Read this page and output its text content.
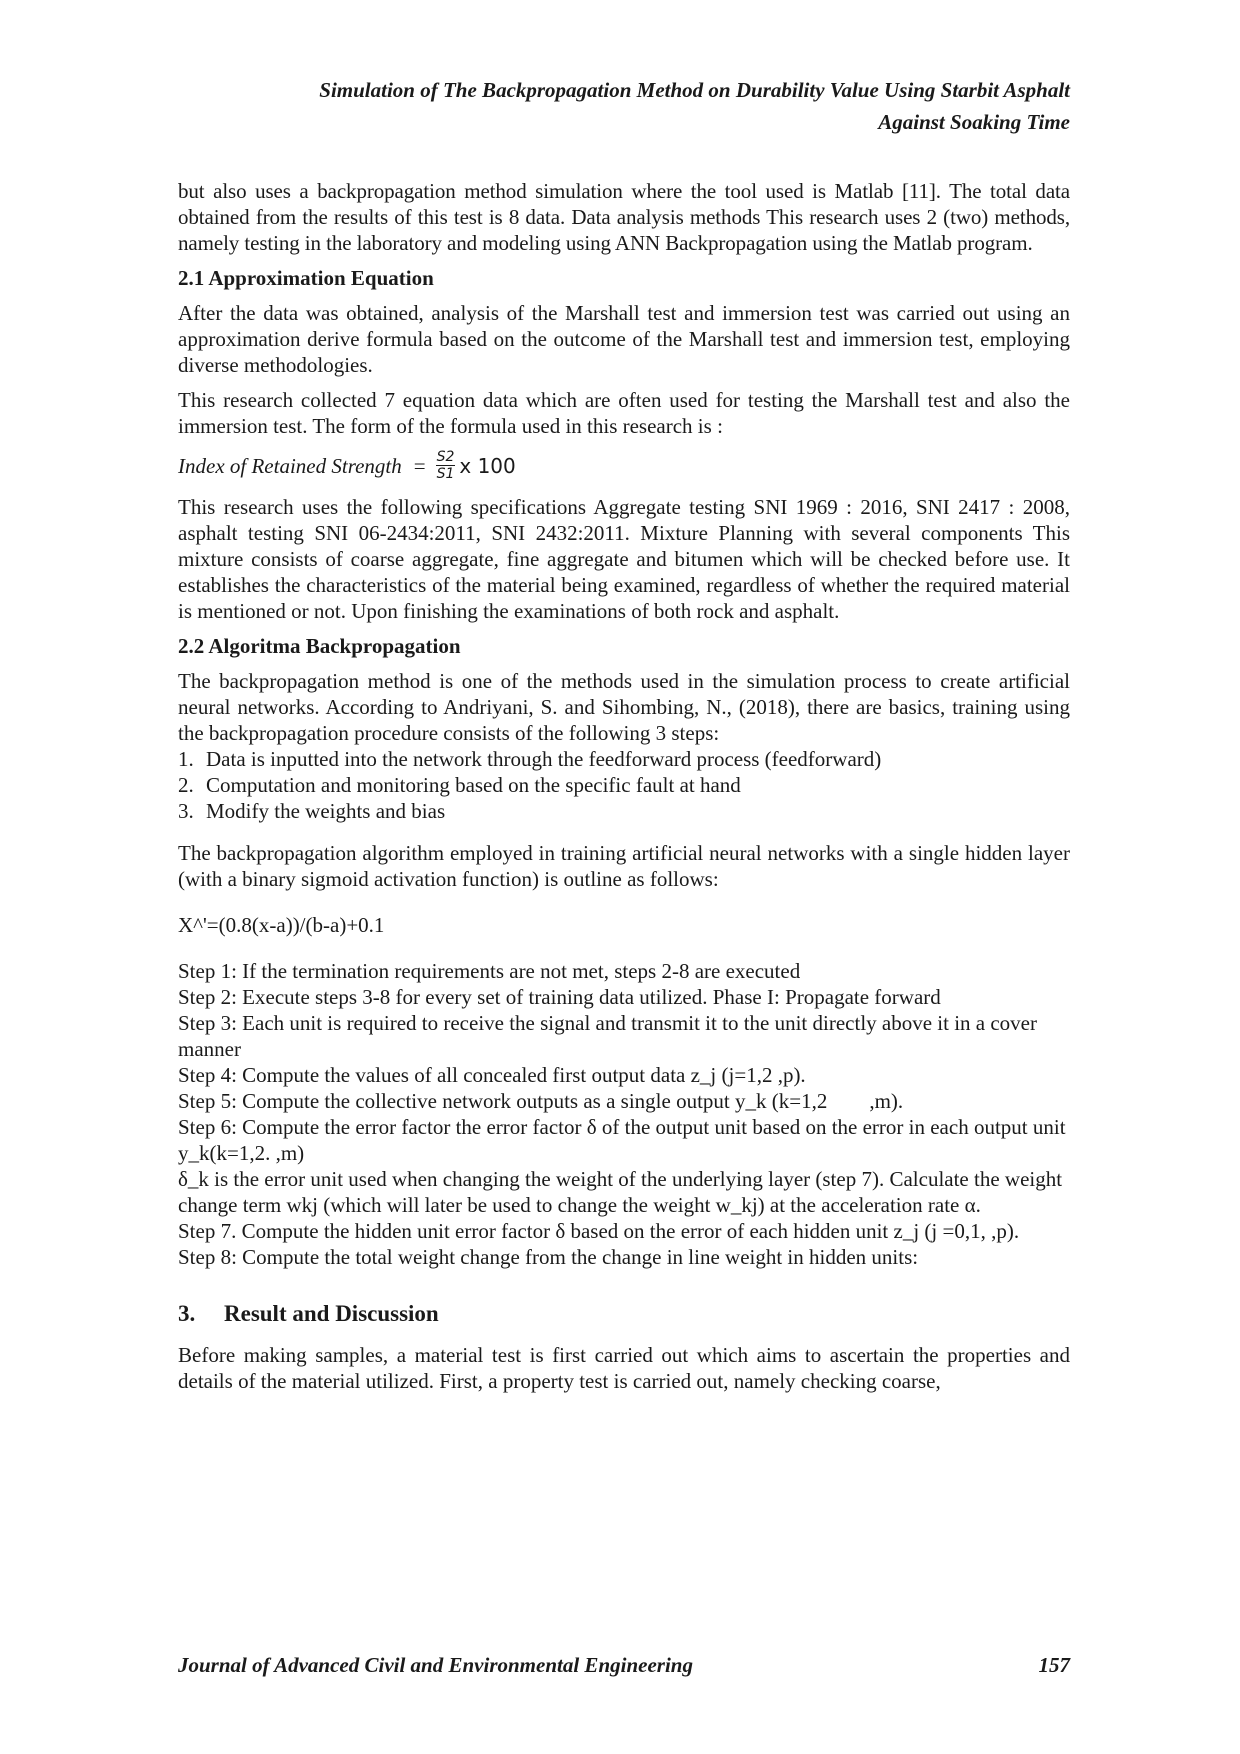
Simulation of The Backpropagation Method on Durability Value Using Starbit Asphalt
Against Soaking Time

but also uses a backpropagation method simulation where the tool used is Matlab [11]. The total data obtained from the results of this test is 8 data. Data analysis methods This research uses 2 (two) methods, namely testing in the laboratory and modeling using ANN Backpropagation using the Matlab program.

2.1 Approximation Equation

After the data was obtained, analysis of the Marshall test and immersion test was carried out using an approximation derive formula based on the outcome of the Marshall test and immersion test, employing diverse methodologies.

This research collected 7 equation data which are often used for testing the Marshall test and also the immersion test. The form of the formula used in this research is :

Index of Retained Strength = $\frac{S2}{S1}$ x 100

This research uses the following specifications Aggregate testing SNI 1969 : 2016, SNI 2417 : 2008, asphalt testing SNI 06-2434:2011, SNI 2432:2011. Mixture Planning with several components This mixture consists of coarse aggregate, fine aggregate and bitumen which will be checked before use. It establishes the characteristics of the material being examined, regardless of whether the required material is mentioned or not. Upon finishing the examinations of both rock and asphalt.

2.2 Algoritma Backpropagation

The backpropagation method is one of the methods used in the simulation process to create artificial neural networks. According to Andriyani, S. and Sihombing, N., (2018), there are basics, training using the backpropagation procedure consists of the following 3 steps:

1. Data is inputted into the network through the feedforward process (feedforward)
2. Computation and monitoring based on the specific fault at hand
3. Modify the weights and bias

The backpropagation algorithm employed in training artificial neural networks with a single hidden layer (with a binary sigmoid activation function) is outline as follows:

X^'=(0.8(x-a))/(b-a)+0.1

Step 1: If the termination requirements are not met, steps 2-8 are executed

Step 2: Execute steps 3-8 for every set of training data utilized. Phase I: Propagate forward

Step 3: Each unit is required to receive the signal and transmit it to the unit directly above it in a cover manner

Step 4: Compute the values of all concealed first output data z_j (j=1,2 ,p).

Step 5: Compute the collective network outputs as a single output y_k (k=1,2        ,m).

Step 6: Compute the error factor the error factor δ of the output unit based on the error in each output unit y_k(k=1,2. ,m)

δ_k is the error unit used when changing the weight of the underlying layer (step 7). Calculate the weight change term wkj (which will later be used to change the weight w_kj) at the acceleration rate α.

Step 7. Compute the hidden unit error factor δ based on the error of each hidden unit z_j (j =0,1, ,p).

Step 8: Compute the total weight change from the change in line weight in hidden units:

3. Result and Discussion

Before making samples, a material test is first carried out which aims to ascertain the properties and details of the material utilized. First, a property test is carried out, namely checking coarse,

Journal of Advanced Civil and Environmental Engineering	157
